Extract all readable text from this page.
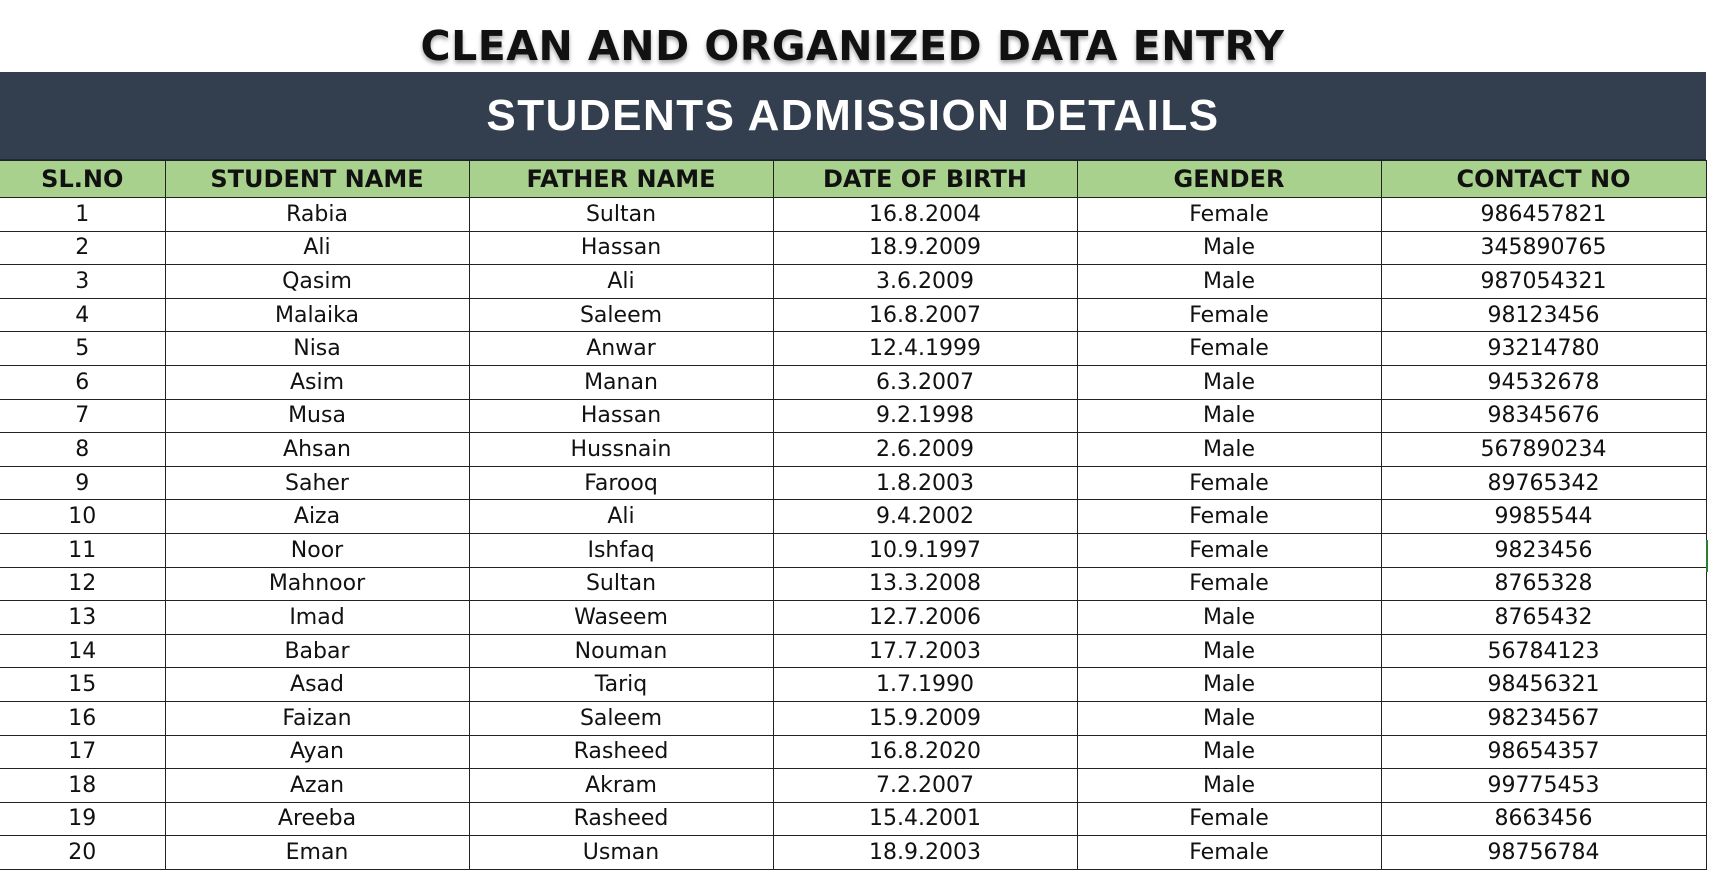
CLEAN AND ORGANIZED DATA ENTRY
STUDENTS ADMISSION DETAILS
SL.NO	STUDENT NAME	FATHER NAME	DATE OF BIRTH	GENDER	CONTACT NO
1	Rabia	Sultan	16.8.2004	Female	986457821
2	Ali	Hassan	18.9.2009	Male	345890765
3	Qasim	Ali	3.6.2009	Male	987054321
4	Malaika	Saleem	16.8.2007	Female	98123456
5	Nisa	Anwar	12.4.1999	Female	93214780
6	Asim	Manan	6.3.2007	Male	94532678
7	Musa	Hassan	9.2.1998	Male	98345676
8	Ahsan	Hussnain	2.6.2009	Male	567890234
9	Saher	Farooq	1.8.2003	Female	89765342
10	Aiza	Ali	9.4.2002	Female	9985544
11	Noor	Ishfaq	10.9.1997	Female	9823456
12	Mahnoor	Sultan	13.3.2008	Female	8765328
13	Imad	Waseem	12.7.2006	Male	8765432
14	Babar	Nouman	17.7.2003	Male	56784123
15	Asad	Tariq	1.7.1990	Male	98456321
16	Faizan	Saleem	15.9.2009	Male	98234567
17	Ayan	Rasheed	16.8.2020	Male	98654357
18	Azan	Akram	7.2.2007	Male	99775453
19	Areeba	Rasheed	15.4.2001	Female	8663456
20	Eman	Usman	18.9.2003	Female	98756784
